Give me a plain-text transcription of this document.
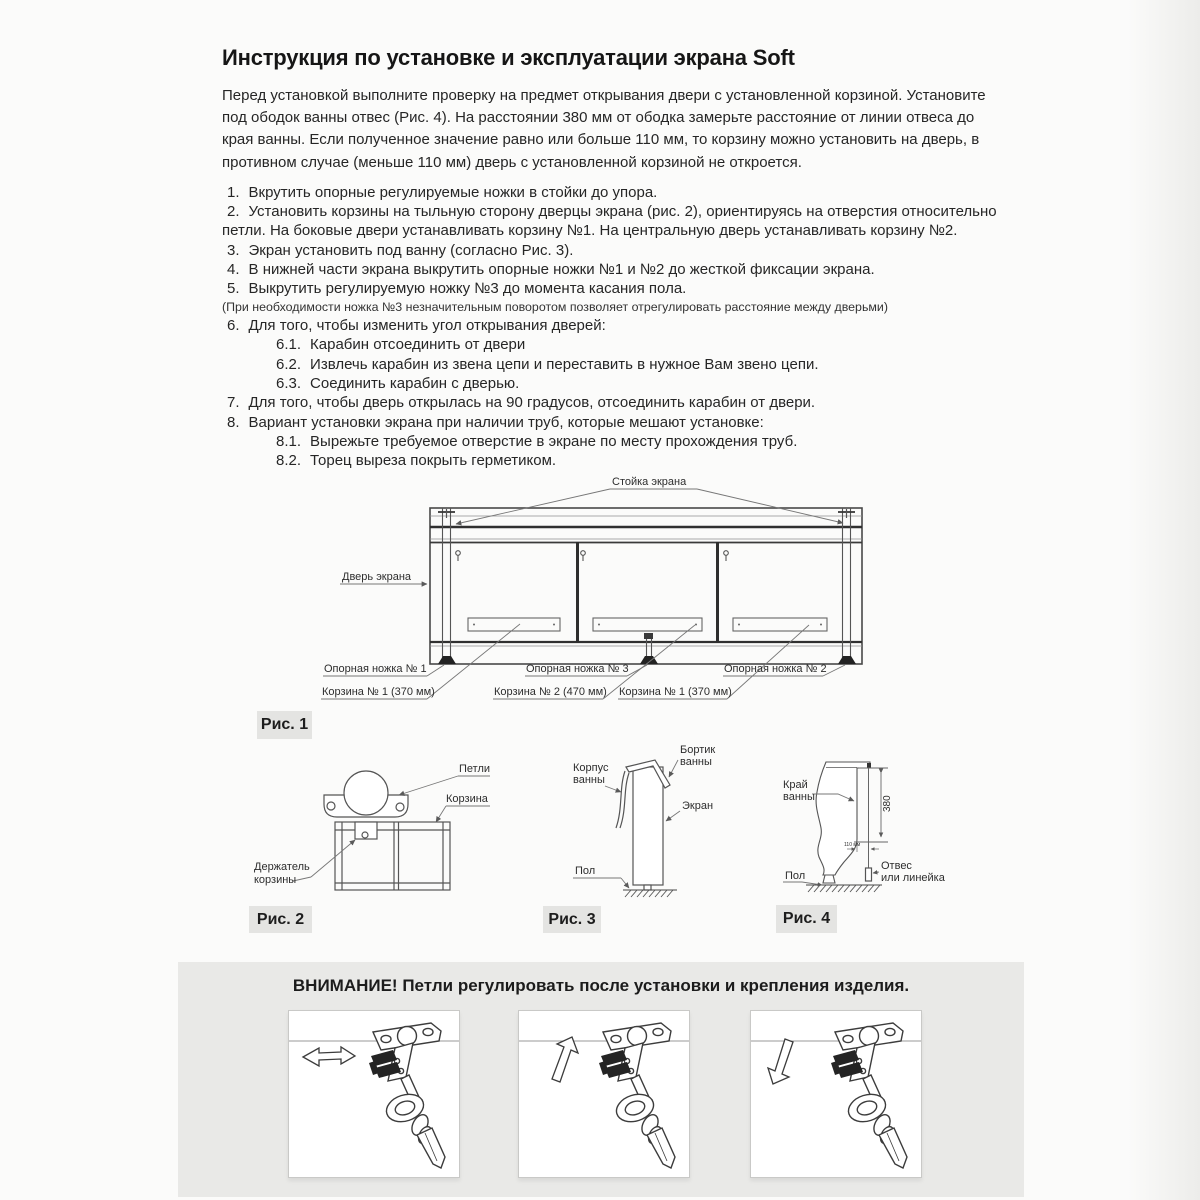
Инструкция по установке и эксплуатации экрана Soft

Перед установкой выполните проверку на предмет открывания двери с установленной корзиной. Установите под ободок ванны отвес (Рис. 4). На расстоянии 380 мм от ободка замерьте расстояние от линии отвеса до края ванны. Если полученное значение равно или больше 110 мм, то корзину можно установить на дверь, в противном случае (меньше 110 мм) дверь с установленной корзиной не откроется.

1. Вкрутить опорные регулируемые ножки в стойки до упора.
2. Установить корзины на тыльную сторону дверцы экрана (рис. 2), ориентируясь на отверстия относительно петли. На боковые двери устанавливать корзину №1. На центральную дверь устанавливать корзину №2.
3. Экран установить под ванну (согласно Рис. 3).
4. В нижней части экрана выкрутить опорные ножки №1 и №2 до жесткой фиксации экрана.
5. Выкрутить регулируемую ножку №3 до момента касания пола.
(При необходимости ножка №3 незначительным поворотом позволяет отрегулировать расстояние между дверьми)
6. Для того, чтобы изменить угол открывания дверей:
6.1. Карабин отсоединить от двери
6.2. Извлечь карабин из звена цепи и переставить в нужное Вам звено цепи.
6.3. Соединить карабин с дверью.
7. Для того, чтобы дверь открылась на 90 градусов, отсоединить карабин от двери.
8. Вариант установки экрана при наличии труб, которые мешают установке:
8.1. Вырежьте требуемое отверстие в экране по месту прохождения труб.
8.2. Торец выреза покрыть герметиком.
Стойка экрана
Дверь экрана
Опорная ножка № 1	Опорная ножка № 3	Опорная ножка № 2
Корзина № 1 (370 мм)	Корзина № 2 (470 мм) Корзина № 1 (370 мм)
Рис. 1
Петли
Корзина
Держатель
корзины
Рис. 2
Бортик
ванны
Корпус
ванны
Экран
Пол
Рис. 3
Край
ванны
Пол
Отвес
или линейка
380
110 мм
Рис. 4
ВНИМАНИЕ! Петли регулировать после установки и крепления изделия.
